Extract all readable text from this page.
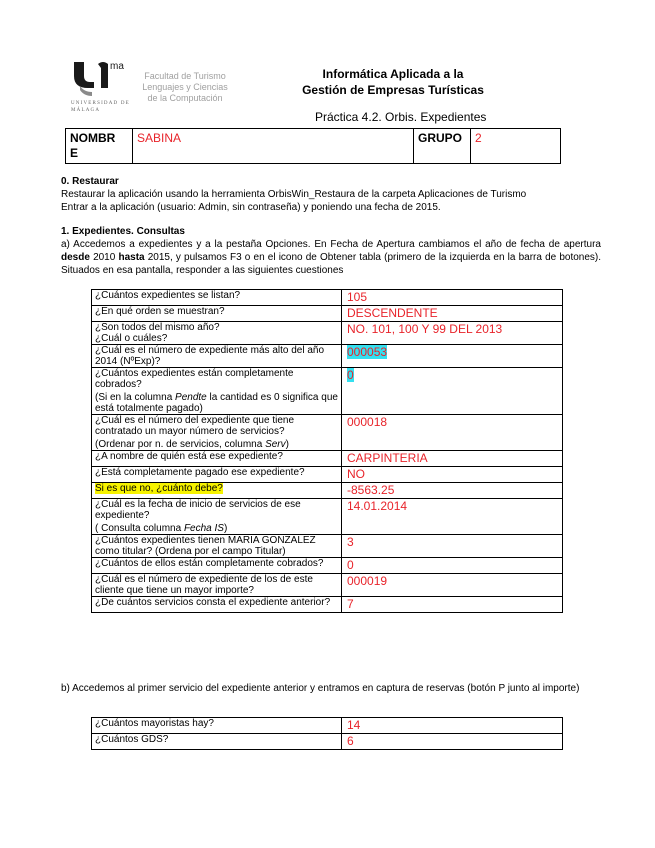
ma
UNIVERSIDAD DE MÁLAGA
Facultad de Turismo Lenguajes y Ciencias de la Computación
Informática Aplicada a la
Gestión de Empresas Turísticas
Práctica 4.2. Orbis. Expedientes
NOMBRE	SABINA	GRUPO	2
0. Restaurar
Restaurar la aplicación usando la herramienta OrbisWin_Restaura de la carpeta Aplicaciones de Turismo
Entrar a la aplicación (usuario: Admin, sin contraseña) y poniendo una fecha de 2015.
1. Expedientes. Consultas
a) Accedemos a expedientes y a la pestaña Opciones. En Fecha de Apertura cambiamos el año de fecha de apertura desde 2010 hasta 2015, y pulsamos F3 o en el icono de Obtener tabla (primero de la izquierda en la barra de botones). Situados en esa pantalla, responder a las siguientes cuestiones
¿Cuántos expedientes se listan?	105
¿En qué orden se muestran?	DESCENDENTE
¿Son todos del mismo año?
¿Cuál o cuáles?	NO. 101, 100 Y 99 DEL 2013
¿Cuál es el número de expediente más alto del año 2014 (NºExp)?	000053
¿Cuántos expedientes están completamente cobrados?
(Si en la columna Pendte la cantidad es 0 significa que está totalmente pagado)	0
¿Cuál es el número del expediente que tiene contratado un mayor número de servicios?
(Ordenar por n. de servicios, columna Serv)	000018
¿A nombre de quién está ese expediente?	CARPINTERIA
¿Está completamente pagado ese expediente?	NO
Si es que no, ¿cuánto debe?	-8563.25
¿Cuál es la fecha de inicio de servicios de ese expediente?
( Consulta columna Fecha IS)	14.01.2014
¿Cuántos expedientes tienen MARIA GONZALEZ como titular? (Ordena por el campo Titular)	3
¿Cuántos de ellos están completamente cobrados?	0
¿Cuál es el número de expediente de los de este cliente que tiene un mayor importe?	000019
¿De cuántos servicios consta el expediente anterior?	7
b) Accedemos al primer servicio del expediente anterior y entramos en captura de reservas (botón P junto al importe)
¿Cuántos mayoristas hay?	14
¿Cuántos GDS?	6
